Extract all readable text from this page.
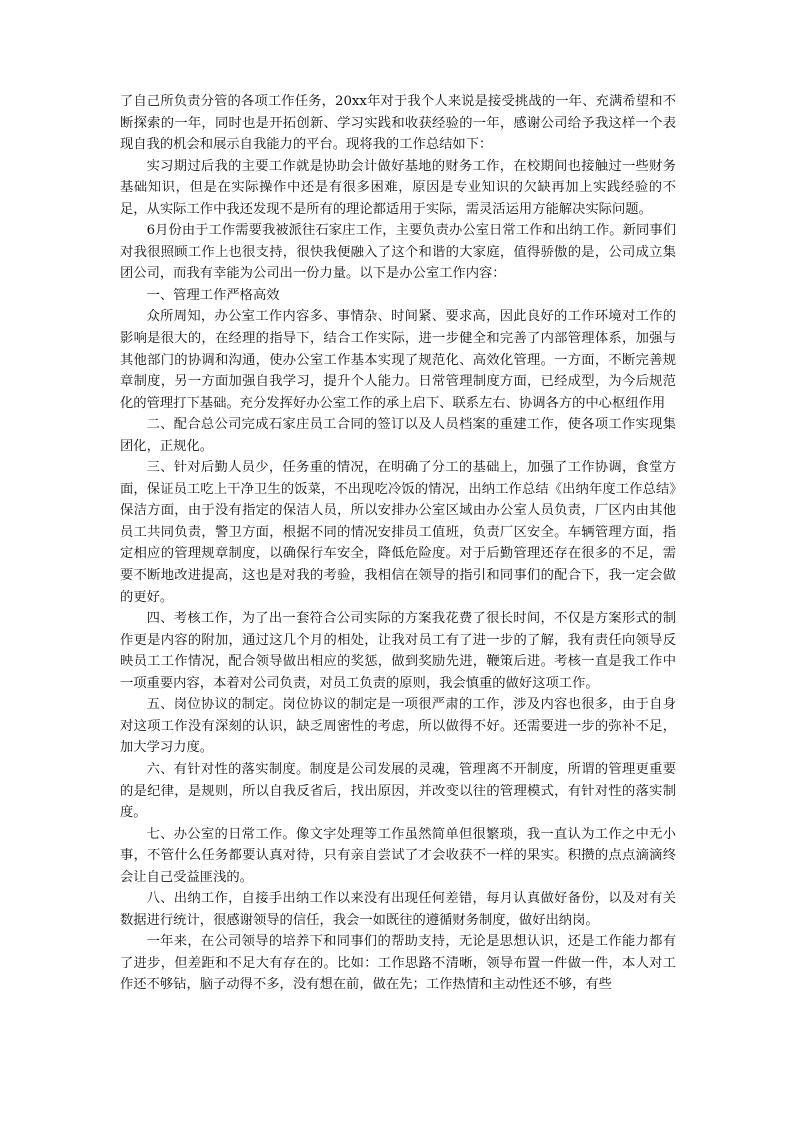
了自己所负责分管的各项工作任务，20xx年对于我个人来说是接受挑战的一年、充满希望和不断探索的一年，同时也是开拓创新、学习实践和收获经验的一年，感谢公司给予我这样一个表现自我的机会和展示自我能力的平台。现将我的工作总结如下：

实习期过后我的主要工作就是协助会计做好基地的财务工作，在校期间也接触过一些财务基础知识，但是在实际操作中还是有很多困难，原因是专业知识的欠缺再加上实践经验的不足，从实际工作中我还发现不是所有的理论都适用于实际，需灵活运用方能解决实际问题。

6月份由于工作需要我被派往石家庄工作，主要负责办公室日常工作和出纳工作。新同事们对我很照顾工作上也很支持，很快我便融入了这个和谐的大家庭，值得骄傲的是，公司成立集团公司，而我有幸能为公司出一份力量。以下是办公室工作内容：

一、管理工作严格高效

众所周知，办公室工作内容多、事情杂、时间紧、要求高，因此良好的工作环境对工作的影响是很大的，在经理的指导下，结合工作实际，进一步健全和完善了内部管理体系，加强与其他部门的协调和沟通，使办公室工作基本实现了规范化、高效化管理。一方面，不断完善规章制度，另一方面加强自我学习，提升个人能力。日常管理制度方面，已经成型，为今后规范化的管理打下基础。充分发挥好办公室工作的承上启下、联系左右、协调各方的中心枢纽作用

二、配合总公司完成石家庄员工合同的签订以及人员档案的重建工作，使各项工作实现集团化，正规化。

三、针对后勤人员少，任务重的情况，在明确了分工的基础上，加强了工作协调，食堂方面，保证员工吃上干净卫生的饭菜，不出现吃冷饭的情况，出纳工作总结《出纳年度工作总结》保洁方面，由于没有指定的保洁人员，所以安排办公室区域由办公室人员负责，厂区内由其他员工共同负责，警卫方面，根据不同的情况安排员工值班，负责厂区安全。车辆管理方面，指定相应的管理规章制度，以确保行车安全，降低危险度。对于后勤管理还存在很多的不足，需要不断地改进提高，这也是对我的考验，我相信在领导的指引和同事们的配合下，我一定会做的更好。

四、考核工作，为了出一套符合公司实际的方案我花费了很长时间，不仅是方案形式的制作更是内容的附加，通过这几个月的相处，让我对员工有了进一步的了解，我有责任向领导反映员工工作情况，配合领导做出相应的奖惩，做到奖励先进，鞭策后进。考核一直是我工作中一项重要内容，本着对公司负责，对员工负责的原则，我会慎重的做好这项工作。

五、岗位协议的制定。岗位协议的制定是一项很严肃的工作，涉及内容也很多，由于自身对这项工作没有深刻的认识，缺乏周密性的考虑，所以做得不好。还需要进一步的弥补不足，加大学习力度。

六、有针对性的落实制度。制度是公司发展的灵魂，管理离不开制度，所谓的管理更重要的是纪律，是规则，所以自我反省后，找出原因，并改变以往的管理模式，有针对性的落实制度。

七、办公室的日常工作。像文字处理等工作虽然简单但很繁琐，我一直认为工作之中无小事，不管什么任务都要认真对待，只有亲自尝试了才会收获不一样的果实。积攒的点点滴滴终会让自己受益匪浅的。

八、出纳工作，自接手出纳工作以来没有出现任何差错，每月认真做好备份，以及对有关数据进行统计，很感谢领导的信任，我会一如既往的遵循财务制度，做好出纳岗。

一年来，在公司领导的培养下和同事们的帮助支持，无论是思想认识，还是工作能力都有了进步，但差距和不足大有存在的。比如：工作思路不清晰，领导布置一件做一件，本人对工作还不够钻，脑子动得不多，没有想在前，做在先；工作热情和主动性还不够，有些
